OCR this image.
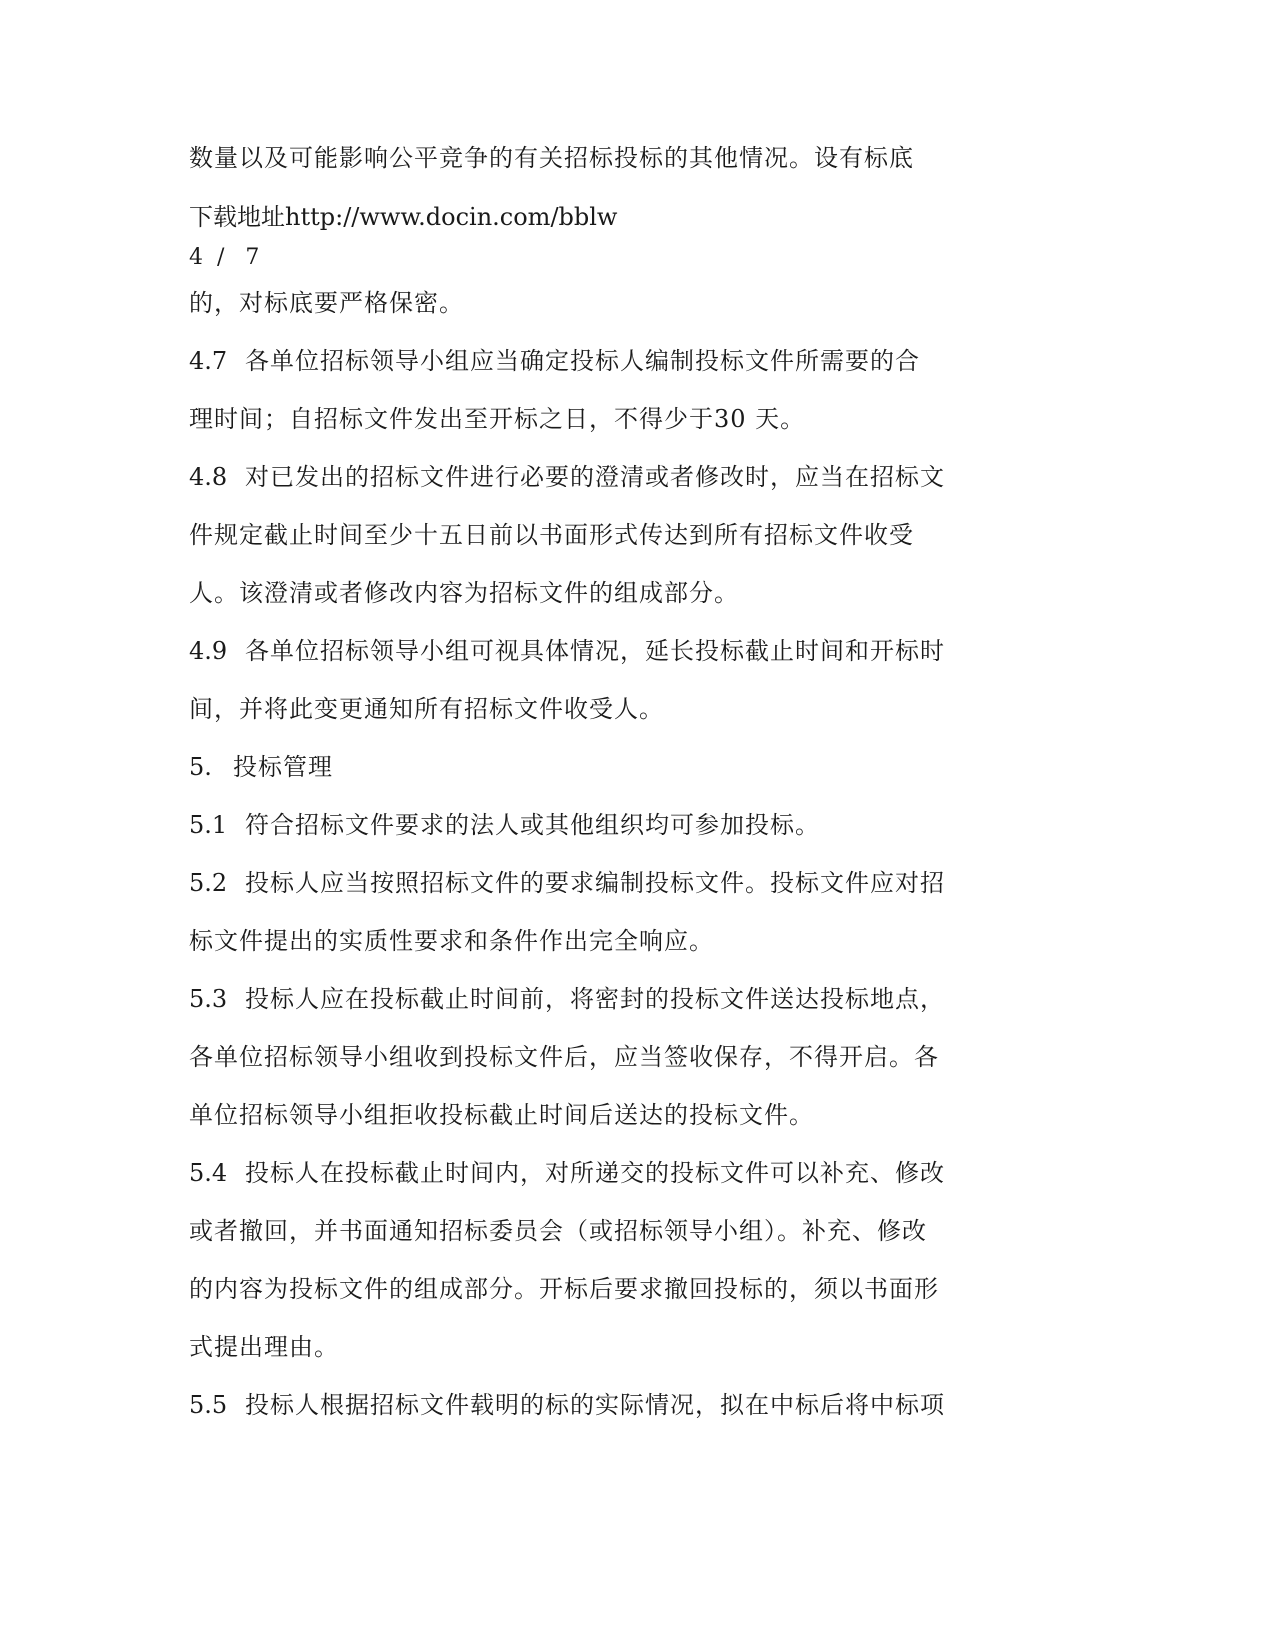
数量以及可能影响公平竞争的有关招标投标的其他情况。设有标底
下载地址http://www.docin.com/bblw
4  /   7
的，对标底要严格保密。
4.7 各单位招标领导小组应当确定投标人编制投标文件所需要的合
理时间；自招标文件发出至开标之日，不得少于30 天。
4.8 对已发出的招标文件进行必要的澄清或者修改时，应当在招标文
件规定截止时间至少十五日前以书面形式传达到所有招标文件收受
人。该澄清或者修改内容为招标文件的组成部分。
4.9 各单位招标领导小组可视具体情况，延长投标截止时间和开标时
间，并将此变更通知所有招标文件收受人。
5. 投标管理
5.1 符合招标文件要求的法人或其他组织均可参加投标。
5.2 投标人应当按照招标文件的要求编制投标文件。投标文件应对招
标文件提出的实质性要求和条件作出完全响应。
5.3 投标人应在投标截止时间前，将密封的投标文件送达投标地点，
各单位招标领导小组收到投标文件后，应当签收保存，不得开启。各
单位招标领导小组拒收投标截止时间后送达的投标文件。
5.4 投标人在投标截止时间内，对所递交的投标文件可以补充、修改
或者撤回，并书面通知招标委员会（或招标领导小组）。补充、修改
的内容为投标文件的组成部分。开标后要求撤回投标的，须以书面形
式提出理由。
5.5 投标人根据招标文件载明的标的实际情况，拟在中标后将中标项
